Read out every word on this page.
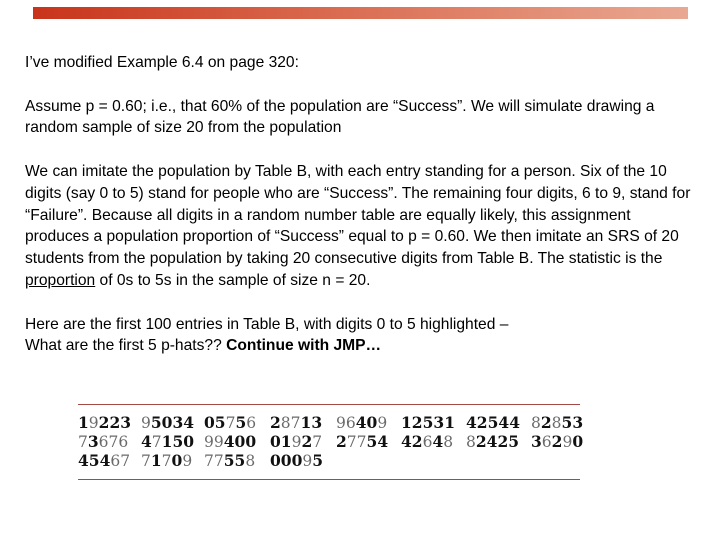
I’ve modified Example 6.4 on page 320:

Assume p = 0.60; i.e., that 60% of the population are “Success”. We will simulate drawing a random sample of size 20 from the population

We can imitate the population by Table B, with each entry standing for a person. Six of the 10 digits (say 0 to 5) stand for people who are “Success”. The remaining four digits, 6 to 9, stand for “Failure”. Because all digits in a random number table are equally likely, this assignment produces a population proportion of “Success” equal to p = 0.60. We then imitate an SRS of 20 students from the population by taking 20 consecutive digits from Table B. The statistic is the proportion of 0s to 5s in the sample of size n = 20.

Here are the first 100 entries in Table B, with digits 0 to 5 highlighted –
What are the first 5 p-hats?? Continue with JMP…

19223 95034 05756 28713 96409 12531 42544 82853
73676 47150 99400 01927 27754 42648 82425 36290
45467 71709 77558 00095
